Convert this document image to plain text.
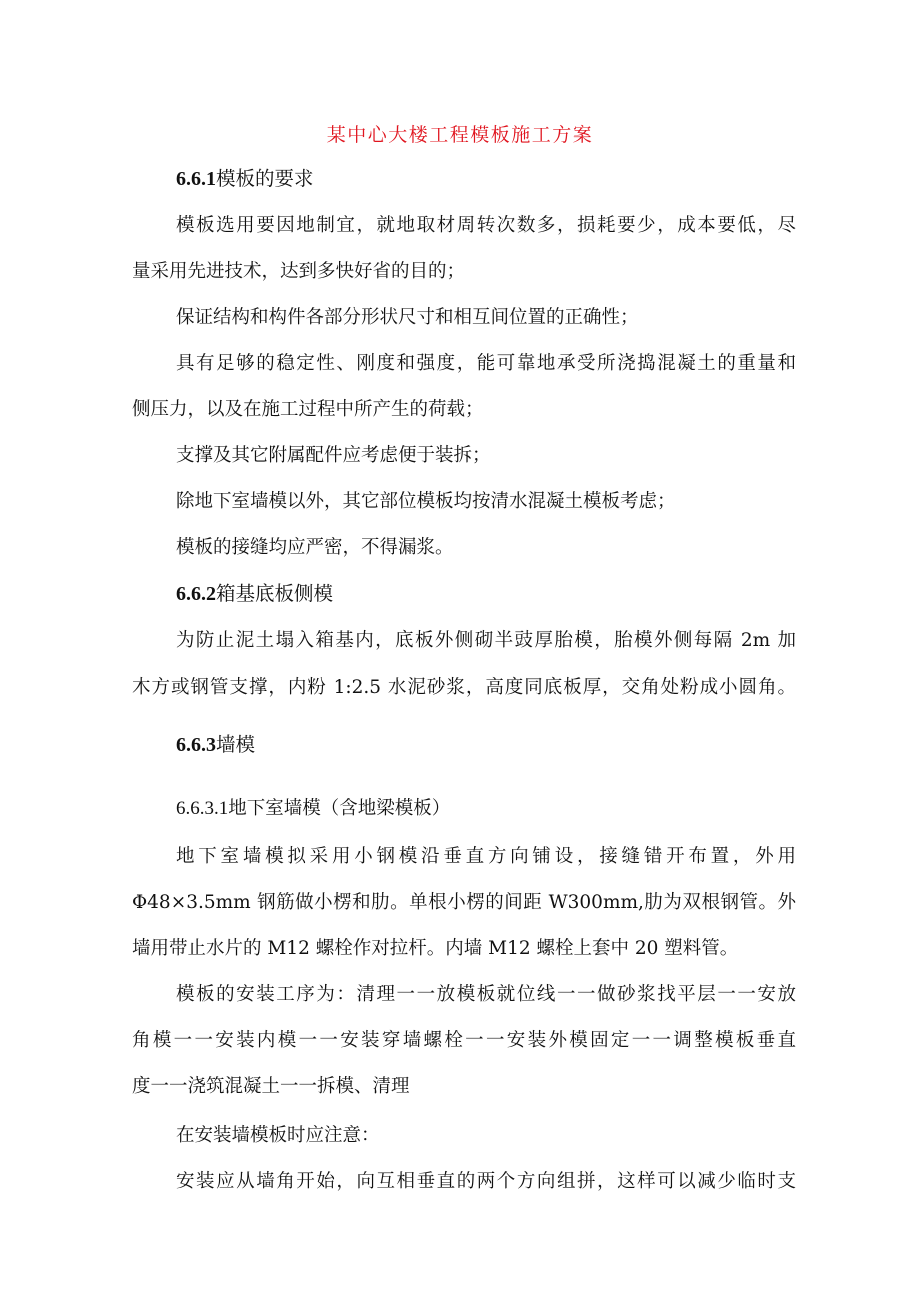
某中心大楼工程模板施工方案
6.6.1模板的要求
模板选用要因地制宜，就地取材周转次数多，损耗要少，成本要低，尽
量采用先进技术，达到多快好省的目的；
保证结构和构件各部分形状尺寸和相互间位置的正确性；
具有足够的稳定性、刚度和强度，能可靠地承受所浇捣混凝土的重量和
侧压力，以及在施工过程中所产生的荷载；
支撑及其它附属配件应考虑便于装拆；
除地下室墙模以外，其它部位模板均按清水混凝土模板考虑；
模板的接缝均应严密，不得漏浆。
6.6.2箱基底板侧模
为防止泥土塌入箱基内，底板外侧砌半豉厚胎模，胎模外侧每隔 2m 加
木方或钢管支撑，内粉 1:2.5 水泥砂浆，高度同底板厚，交角处粉成小圆角。
6.6.3墙模
6.6.3.1地下室墙模（含地梁模板）
地下室墙模拟采用小钢模沿垂直方向铺设，接缝错开布置，外用
Φ48×3.5mm 钢筋做小楞和肋。单根小楞的间距 W300mm,肋为双根钢管。外
墙用带止水片的 M12 螺栓作对拉杆。内墙 M12 螺栓上套中 20 塑料管。
模板的安装工序为：清理一一放模板就位线一一做砂浆找平层一一安放
角模一一安装内模一一安装穿墙螺栓一一安装外模固定一一调整模板垂直
度一一浇筑混凝土一一拆模、清理
在安装墙模板时应注意：
安装应从墙角开始，向互相垂直的两个方向组拼，这样可以减少临时支
